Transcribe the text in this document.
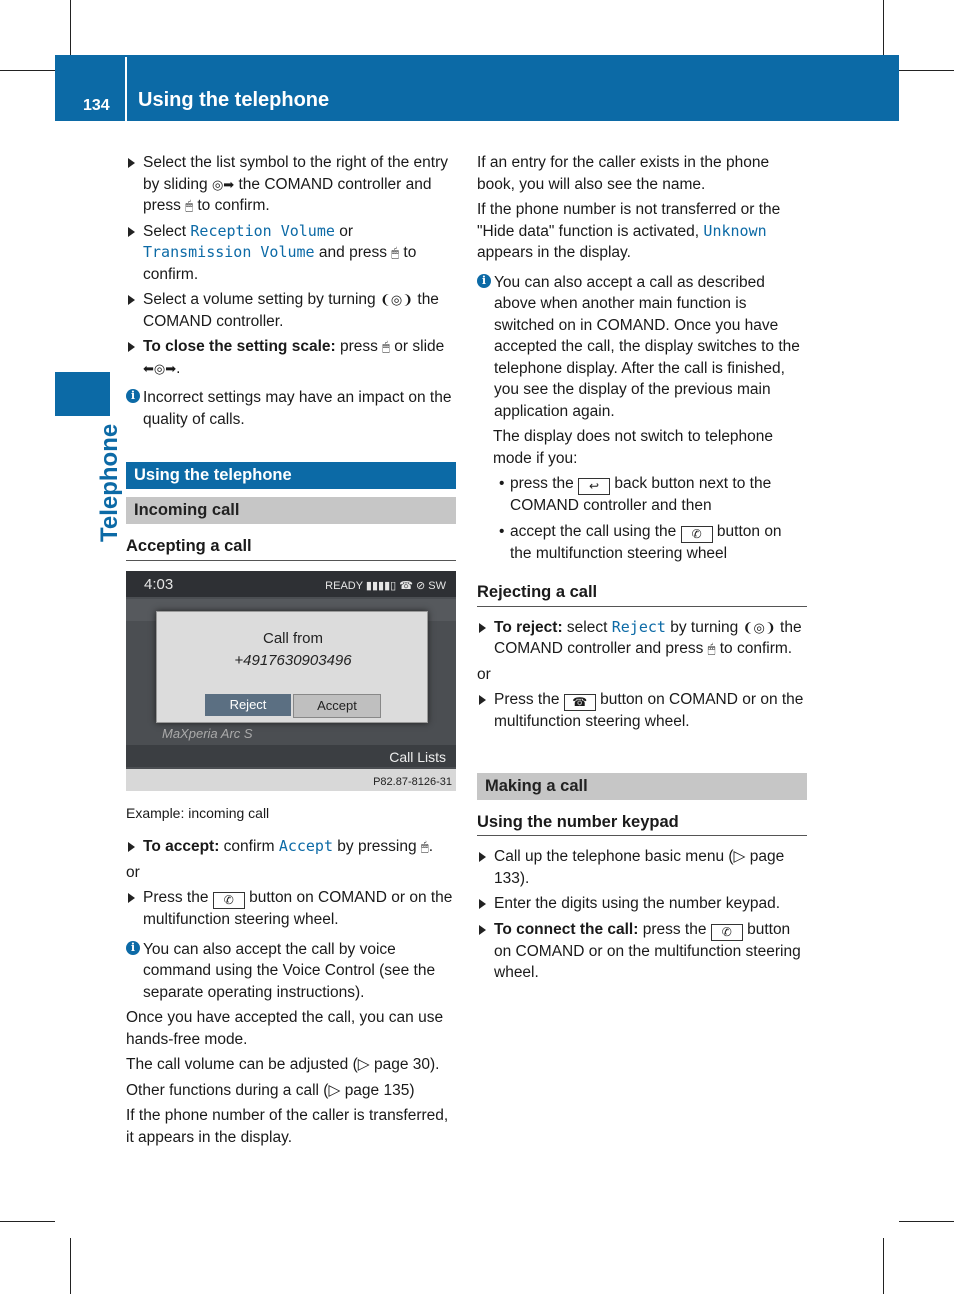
134 Using the telephone
Telephone
Select the list symbol to the right of the entry by sliding ◎➡ the COMAND controller and press 🖱 to confirm.
Select Reception Volume or Transmission Volume and press 🖱 to confirm.
Select a volume setting by turning ❨◎❩ the COMAND controller.
To close the setting scale: press 🖱 or slide ⬅◎➡.
i Incorrect settings may have an impact on the quality of calls.
Using the telephone
Incoming call
Accepting a call
4:03	READY ▮▮▮▮▯ ☎ ⊘ SW
Call from
+4917630903496
Reject	Accept
MaXperia Arc S
Call Lists
P82.87-8126-31
Example: incoming call
To accept: confirm Accept by pressing 🖱.

or

Press the ✆ button on COMAND or on the multifunction steering wheel.
i You can also accept the call by voice command using the Voice Control (see the separate operating instructions).

Once you have accepted the call, you can use hands-free mode.

The call volume can be adjusted (▷ page 30).

Other functions during a call (▷ page 135)

If the phone number of the caller is transferred, it appears in the display.

If an entry for the caller exists in the phone book, you will also see the name.

If the phone number is not transferred or the "Hide data" function is activated, Unknown appears in the display.

i You can also accept a call as described above when another main function is switched on in COMAND. Once you have accepted the call, the display switches to the telephone display. After the call is finished, you see the display of the previous main application again.

The display does not switch to telephone mode if you:

• press the ↩ back button next to the COMAND controller and then
• accept the call using the ✆ button on the multifunction steering wheel
Rejecting a call
To reject: select Reject by turning ❨◎❩ the COMAND controller and press 🖱 to confirm.

or

Press the ☎ button on COMAND or on the multifunction steering wheel.
Making a call
Using the number keypad
Call up the telephone basic menu (▷ page 133).
Enter the digits using the number keypad.
To connect the call: press the ✆ button on COMAND or on the multifunction steering wheel.
